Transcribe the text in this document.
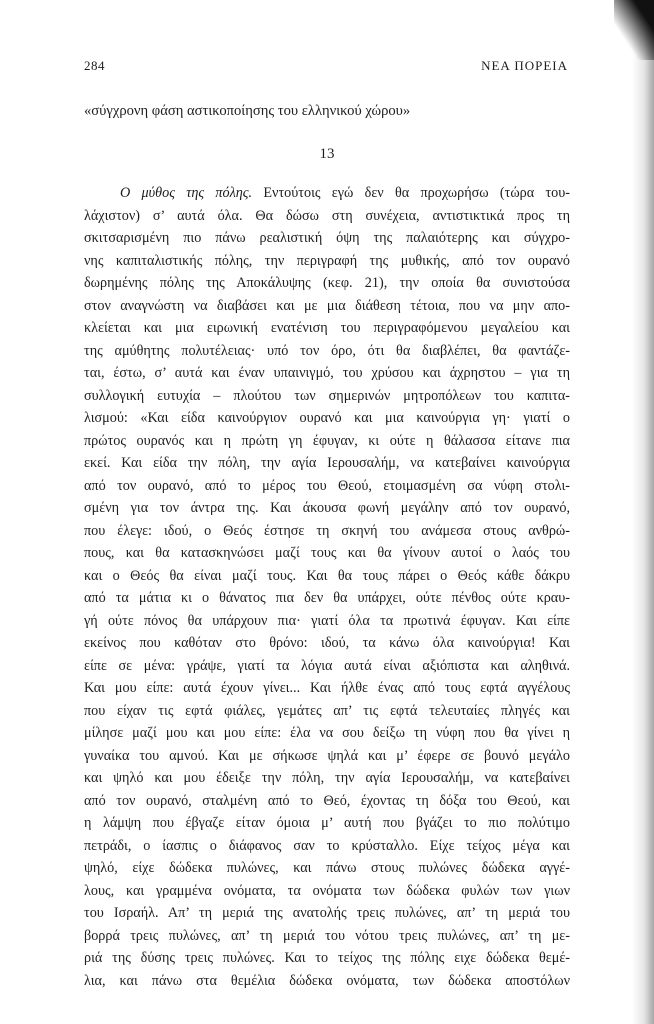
284	ΝΕΑ ΠΟΡΕΙΑ
«σύγχρονη φάση αστικοποίησης του ελληνικού χώρου»
13
Ο μύθος της πόλης. Εντούτοις εγώ δεν θα προχωρήσω (τώρα του-
λάχιστον) σ’ αυτά όλα. Θα δώσω στη συνέχεια, αντιστικτικά προς τη
σκιτσαρισμένη πιο πάνω ρεαλιστική όψη της παλαιότερης και σύγχρο-
νης καπιταλιστικής πόλης, την περιγραφή της μυθικής, από τον ουρανό
δωρημένης πόλης της Αποκάλυψης (κεφ. 21), την οποία θα συνιστούσα
στον αναγνώστη να διαβάσει και με μια διάθεση τέτοια, που να μην απο-
κλείεται και μια ειρωνική ενατένιση του περιγραφόμενου μεγαλείου και
της αμύθητης πολυτέλειας· υπό τον όρο, ότι θα διαβλέπει, θα φαντάζε-
ται, έστω, σ’ αυτά και έναν υπαινιγμό, του χρύσου και άχρηστου – για τη
συλλογική ευτυχία – πλούτου των σημερινών μητροπόλεων του καπιτα-
λισμού: «Και είδα καινούργιον ουρανό και μια καινούργια γη· γιατί ο
πρώτος ουρανός και η πρώτη γη έφυγαν, κι ούτε η θάλασσα είτανε πια
εκεί. Και είδα την πόλη, την αγία Ιερουσαλήμ, να κατεβαίνει καινούργια
από τον ουρανό, από το μέρος του Θεού, ετοιμασμένη σα νύφη στολι-
σμένη για τον άντρα της. Και άκουσα φωνή μεγάλην από τον ουρανό,
που έλεγε: ιδού, ο Θεός έστησε τη σκηνή του ανάμεσα στους ανθρώ-
πους, και θα κατασκηνώσει μαζί τους και θα γίνουν αυτοί ο λαός του
και ο Θεός θα είναι μαζί τους. Και θα τους πάρει ο Θεός κάθε δάκρυ
από τα μάτια κι ο θάνατος πια δεν θα υπάρχει, ούτε πένθος ούτε κραυ-
γή ούτε πόνος θα υπάρχουν πια· γιατί όλα τα πρωτινά έφυγαν. Και είπε
εκείνος που καθόταν στο θρόνο: ιδού, τα κάνω όλα καινούργια! Και
είπε σε μένα: γράψε, γιατί τα λόγια αυτά είναι αξιόπιστα και αληθινά.
Και μου είπε: αυτά έχουν γίνει... Και ήλθε ένας από τους εφτά αγγέλους
που είχαν τις εφτά φιάλες, γεμάτες απ’ τις εφτά τελευταίες πληγές και
μίλησε μαζί μου και μου είπε: έλα να σου δείξω τη νύφη που θα γίνει η
γυναίκα του αμνού. Και με σήκωσε ψηλά και μ’ έφερε σε βουνό μεγάλο
και ψηλό και μου έδειξε την πόλη, την αγία Ιερουσαλήμ, να κατεβαίνει
από τον ουρανό, σταλμένη από το Θεό, έχοντας τη δόξα του Θεού, και
η λάμψη που έβγαζε είταν όμοια μ’ αυτή που βγάζει το πιο πολύτιμο
πετράδι, ο ίασπις ο διάφανος σαν το κρύσταλλο. Είχε τείχος μέγα και
ψηλό, είχε δώδεκα πυλώνες, και πάνω στους πυλώνες δώδεκα αγγέ-
λους, και γραμμένα ονόματα, τα ονόματα των δώδεκα φυλών των γιων
του Ισραήλ. Απ’ τη μεριά της ανατολής τρεις πυλώνες, απ’ τη μεριά του
βορρά τρεις πυλώνες, απ’ τη μεριά του νότου τρεις πυλώνες, απ’ τη με-
ριά της δύσης τρεις πυλώνες. Και το τείχος της πόλης ειχε δώδεκα θεμέ-
λια, και πάνω στα θεμέλια δώδεκα ονόματα, των δώδεκα αποστόλων
